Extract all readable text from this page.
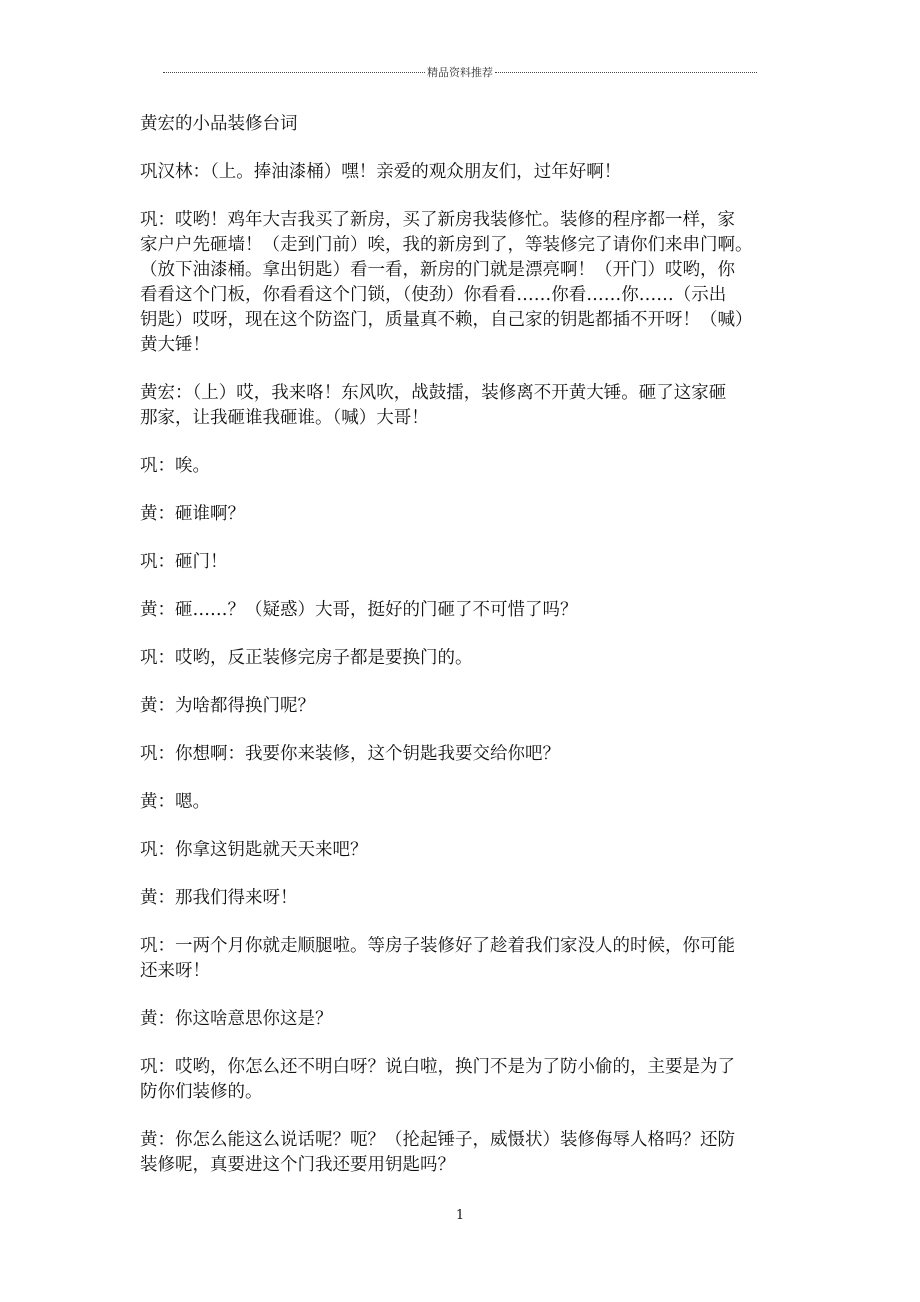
精品资料推荐
黄宏的小品装修台词
巩汉林：（上。捧油漆桶）嘿！亲爱的观众朋友们，过年好啊！
巩：哎哟！鸡年大吉我买了新房，买了新房我装修忙。装修的程序都一样，家
家户户先砸墙！（走到门前）唉，我的新房到了，等装修完了请你们来串门啊。
（放下油漆桶。拿出钥匙）看一看，新房的门就是漂亮啊！（开门）哎哟，你
看看这个门板，你看看这个门锁，（使劲）你看看……你看……你……（示出
钥匙）哎呀，现在这个防盗门，质量真不赖，自己家的钥匙都插不开呀！（喊）
黄大锤！
黄宏：（上）哎，我来咯！东风吹，战鼓擂，装修离不开黄大锤。砸了这家砸
那家，让我砸谁我砸谁。（喊）大哥！
巩：唉。
黄：砸谁啊？
巩：砸门！
黄：砸……？（疑惑）大哥，挺好的门砸了不可惜了吗？
巩：哎哟，反正装修完房子都是要换门的。
黄：为啥都得换门呢？
巩：你想啊：我要你来装修，这个钥匙我要交给你吧？
黄：嗯。
巩：你拿这钥匙就天天来吧？
黄：那我们得来呀！
巩：一两个月你就走顺腿啦。等房子装修好了趁着我们家没人的时候，你可能
还来呀！
黄：你这啥意思你这是？
巩：哎哟，你怎么还不明白呀？说白啦，换门不是为了防小偷的，主要是为了
防你们装修的。
黄：你怎么能这么说话呢？呃？（抡起锤子，威慑状）装修侮辱人格吗？还防
装修呢，真要进这个门我还要用钥匙吗？
1
